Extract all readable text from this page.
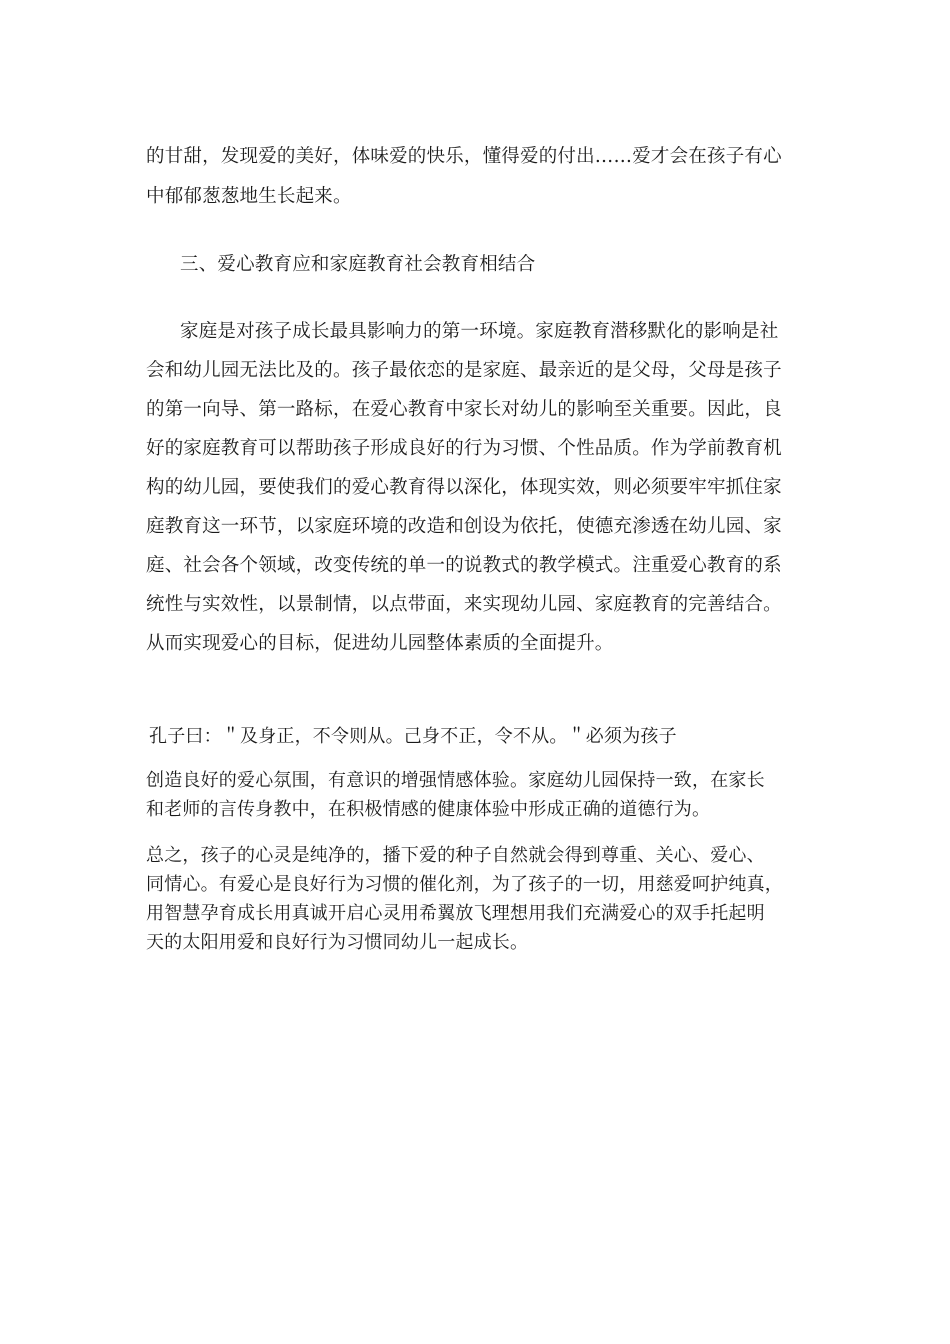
的甘甜，发现爱的美好，体味爱的快乐，懂得爱的付出……爱才会在孩子有心
中郁郁葱葱地生长起来。
三、爱心教育应和家庭教育社会教育相结合
家庭是对孩子成长最具影响力的第一环境。家庭教育潜移默化的影响是社
会和幼儿园无法比及的。孩子最依恋的是家庭、最亲近的是父母，父母是孩子
的第一向导、第一路标，在爱心教育中家长对幼儿的影响至关重要。因此，良
好的家庭教育可以帮助孩子形成良好的行为习惯、个性品质。作为学前教育机
构的幼儿园，要使我们的爱心教育得以深化，体现实效，则必须要牢牢抓住家
庭教育这一环节，以家庭环境的改造和创设为依托，使德充渗透在幼儿园、家
庭、社会各个领域，改变传统的单一的说教式的教学模式。注重爱心教育的系
统性与实效性，以景制情，以点带面，来实现幼儿园、家庭教育的完善结合。
从而实现爱心的目标，促进幼儿园整体素质的全面提升。
孔子曰：＂及身正，不令则从。己身不正，令不从。＂必须为孩子
创造良好的爱心氛围，有意识的增强情感体验。家庭幼儿园保持一致，在家长
和老师的言传身教中，在积极情感的健康体验中形成正确的道德行为。
总之，孩子的心灵是纯净的，播下爱的种子自然就会得到尊重、关心、爱心、
同情心。有爱心是良好行为习惯的催化剂，为了孩子的一切，用慈爱呵护纯真，
用智慧孕育成长用真诚开启心灵用希翼放飞理想用我们充满爱心的双手托起明
天的太阳用爱和良好行为习惯同幼儿一起成长。
